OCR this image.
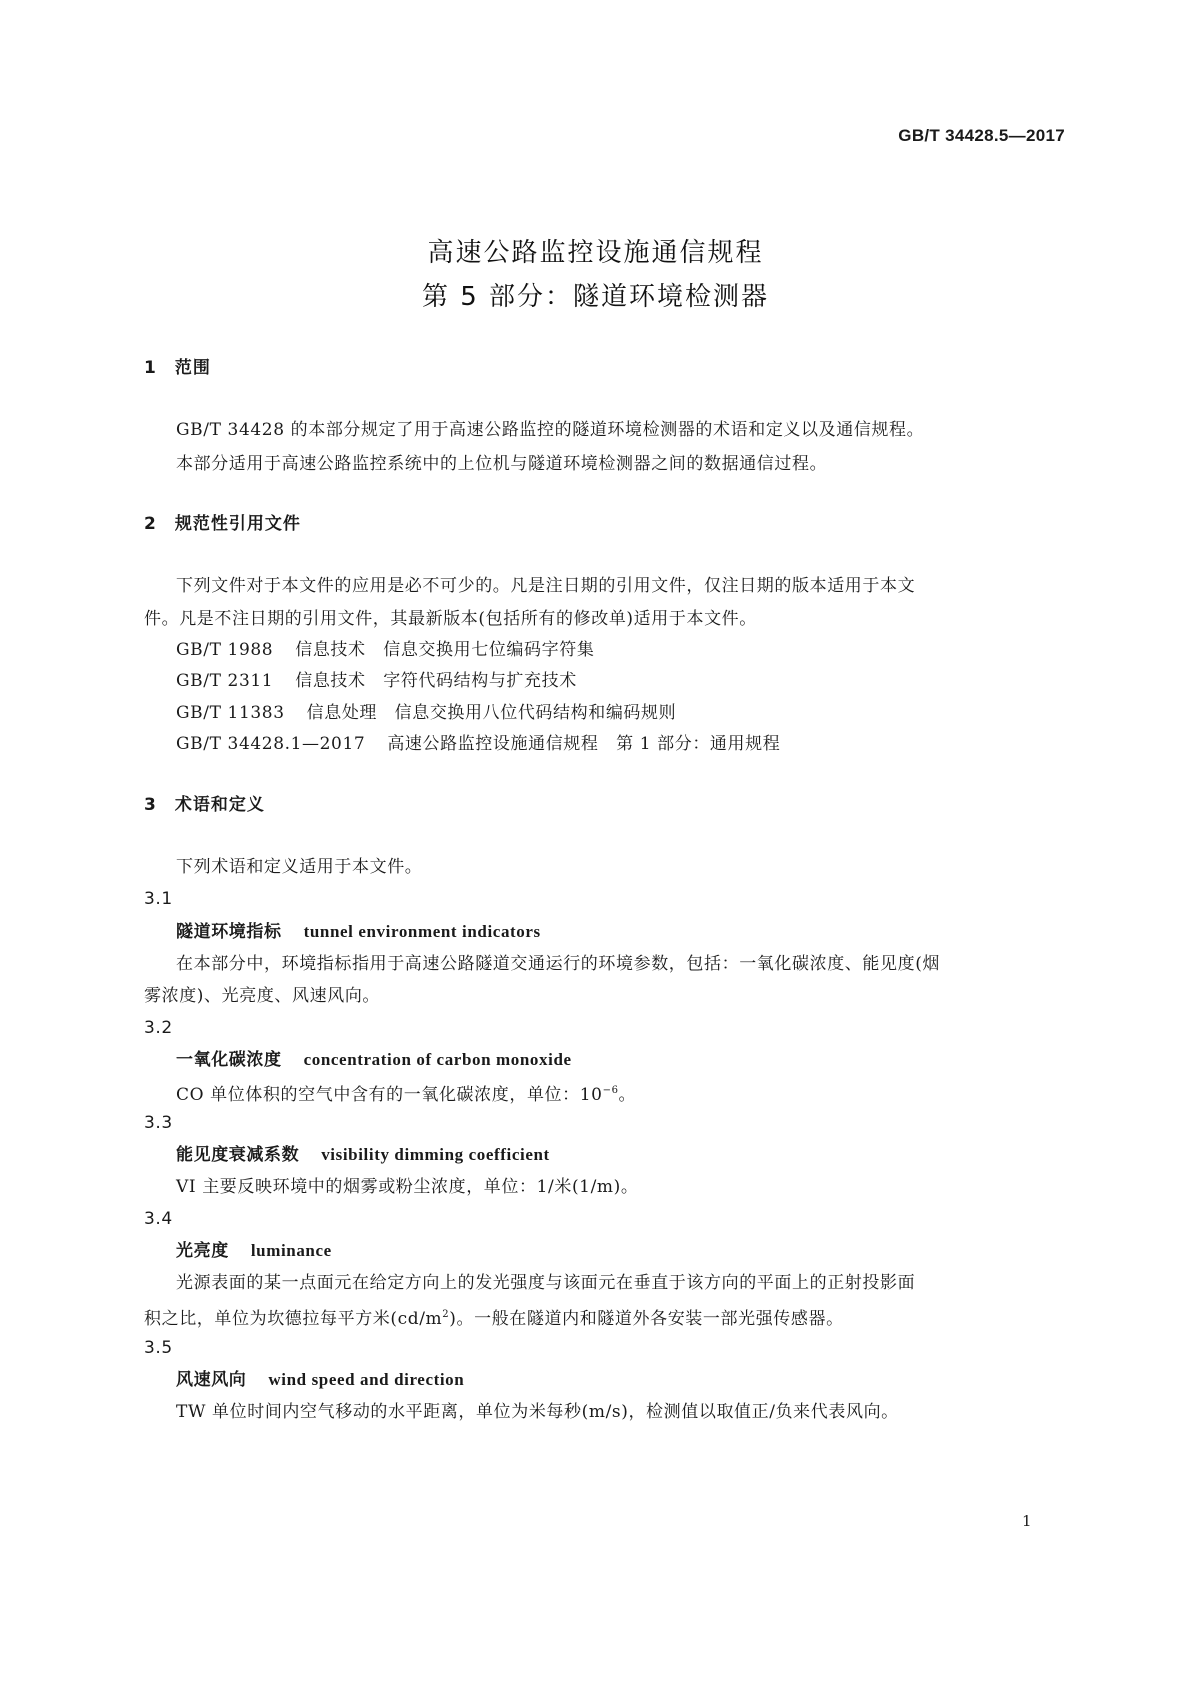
GB/T 34428.5—2017
高速公路监控设施通信规程
第 5 部分：隧道环境检测器
1　范围
GB/T 34428 的本部分规定了用于高速公路监控的隧道环境检测器的术语和定义以及通信规程。
本部分适用于高速公路监控系统中的上位机与隧道环境检测器之间的数据通信过程。
2　规范性引用文件
下列文件对于本文件的应用是必不可少的。凡是注日期的引用文件，仅注日期的版本适用于本文
件。凡是不注日期的引用文件，其最新版本(包括所有的修改单)适用于本文件。
GB/T 1988 信息技术　信息交换用七位编码字符集
GB/T 2311 信息技术　字符代码结构与扩充技术
GB/T 11383 信息处理　信息交换用八位代码结构和编码规则
GB/T 34428.1—2017 高速公路监控设施通信规程　第 1 部分：通用规程
3　术语和定义
下列术语和定义适用于本文件。
3.1
隧道环境指标 tunnel environment indicators
在本部分中，环境指标指用于高速公路隧道交通运行的环境参数，包括：一氧化碳浓度、能见度(烟
雾浓度)、光亮度、风速风向。
3.2
一氧化碳浓度 concentration of carbon monoxide
CO 单位体积的空气中含有的一氧化碳浓度，单位：$10^{-6}$。
3.3
能见度衰减系数 visibility dimming coefficient
VI 主要反映环境中的烟雾或粉尘浓度，单位：1/米(1/m)。
3.4
光亮度 luminance
光源表面的某一点面元在给定方向上的发光强度与该面元在垂直于该方向的平面上的正射投影面
积之比，单位为坎德拉每平方米$(cd/m^2)$。一般在隧道内和隧道外各安装一部光强传感器。
3.5
风速风向 wind speed and direction
TW 单位时间内空气移动的水平距离，单位为米每秒(m/s)，检测值以取值正/负来代表风向。
1
